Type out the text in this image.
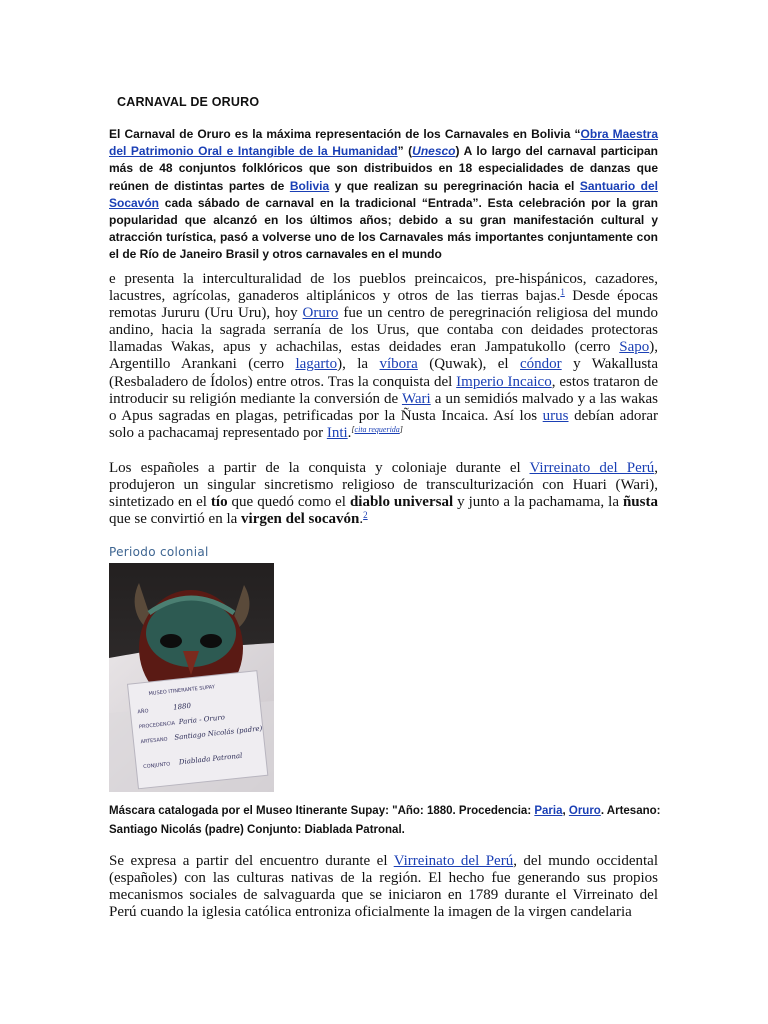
CARNAVAL DE ORURO
El Carnaval de Oruro es la máxima representación de los Carnavales en Bolivia “Obra Maestra del Patrimonio Oral e Intangible de la Humanidad” (Unesco) A lo largo del carnaval participan más de 48 conjuntos folklóricos que son distribuidos en 18 especialidades de danzas que reúnen de distintas partes de Bolivia y que realizan su peregrinación hacia el Santuario del Socavón cada sábado de carnaval en la tradicional “Entrada”. Esta celebración por la gran popularidad que alcanzó en los últimos años; debido a su gran manifestación cultural y atracción turística, pasó a volverse uno de los Carnavales más importantes conjuntamente con el de Río de Janeiro Brasil y otros carnavales en el mundo
e presenta la interculturalidad de los pueblos preincaicos, pre-hispánicos, cazadores, lacustres, agrícolas, ganaderos altiplánicos y otros de las tierras bajas.$^1$ Desde épocas remotas Jururu (Uru Uru), hoy Oruro fue un centro de peregrinación religiosa del mundo andino, hacia la sagrada serranía de los Urus, que contaba con deidades protectoras llamadas Wakas, apus y achachilas, estas deidades eran Jampatukollo (cerro Sapo), Argentillo Arankani (cerro lagarto), la víbora (Quwak), el cóndor y Wakallusta (Resbaladero de Ídolos) entre otros. Tras la conquista del Imperio Incaico, estos trataron de introducir su religión mediante la conversión de Wari a un semidiós malvado y a las wakas o Apus sagradas en plagas, petrificadas por la Ñusta Incaica. Así los urus debían adorar solo a pachacamaj representado por Inti.[cita requerida]
Los españoles a partir de la conquista y coloniaje durante el Virreinato del Perú, produjeron un singular sincretismo religioso de transculturización con Huari (Wari), sintetizado en el tío que quedó como el diablo universal y junto a la pachamama, la ñusta que se convirtió en la virgen del socavón.$^2$
Periodo colonial
MUSEO ITINERANTE SUPAY
AÑO
PROCEDENCIA
ARTESANO
CONJUNTO
1880
Paria - Oruro
Santiago Nicolás (padre)
Diablada Patronal
Máscara catalogada por el Museo Itinerante Supay: "Año: 1880. Procedencia: Paria, Oruro. Artesano: Santiago Nicolás (padre) Conjunto: Diablada Patronal.
Se expresa a partir del encuentro durante el Virreinato del Perú, del mundo occidental (españoles) con las culturas nativas de la región. El hecho fue generando sus propios mecanismos sociales de salvaguarda que se iniciaron en 1789 durante el Virreinato del Perú cuando la iglesia católica entroniza oficialmente la imagen de la virgen candelaria
